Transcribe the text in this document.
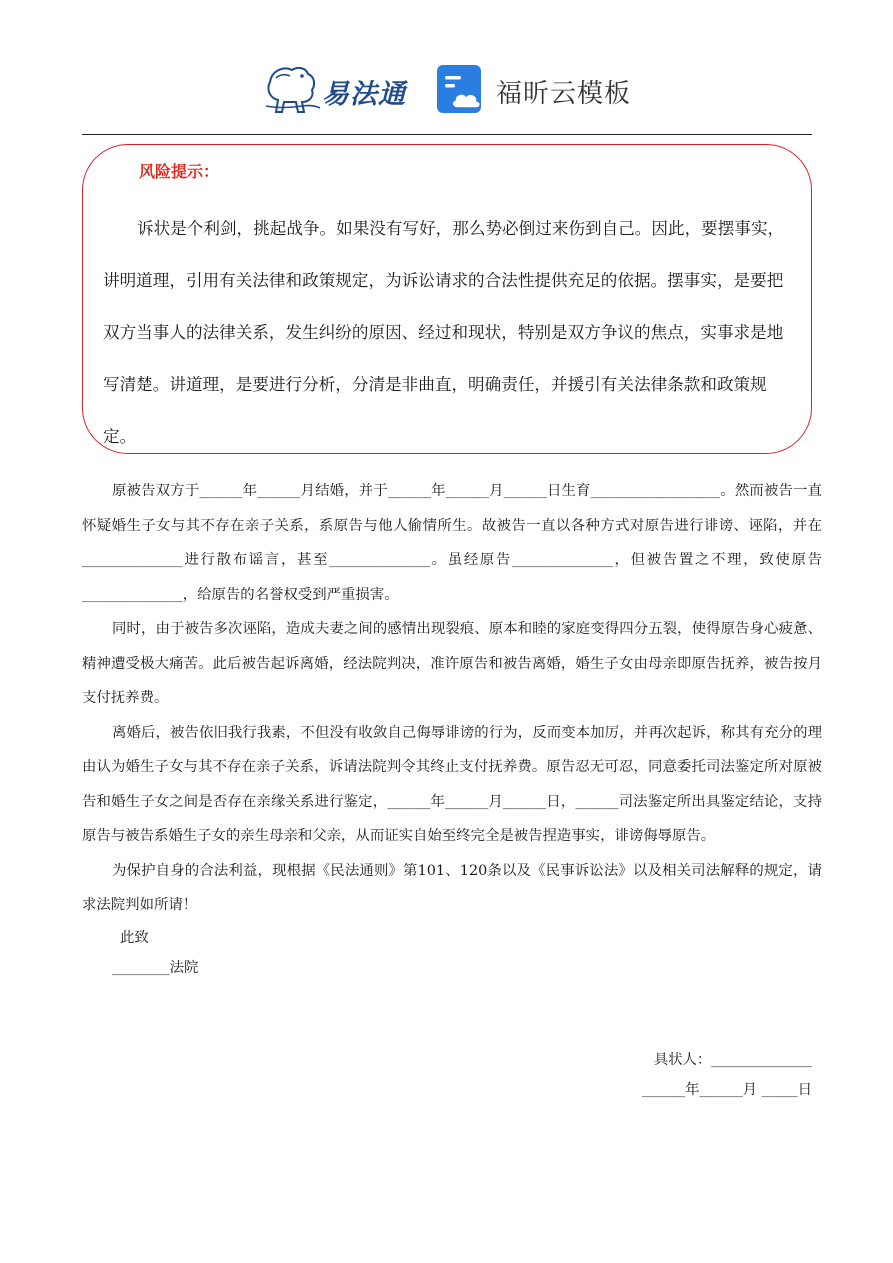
易法通	福昕云模板
风险提示：

诉状是个利剑，挑起战争。如果没有写好，那么势必倒过来伤到自己。因此，要摆事实，讲明道理，引用有关法律和政策规定，为诉讼请求的合法性提供充足的依据。摆事实，是要把双方当事人的法律关系，发生纠纷的原因、经过和现状，特别是双方争议的焦点，实事求是地写清楚。讲道理，是要进行分析，分清是非曲直，明确责任，并援引有关法律条款和政策规定。

原被告双方于______年______月结婚，并于______年______月______日生育__________________。然而被告一直怀疑婚生子女与其不存在亲子关系，系原告与他人偷情所生。故被告一直以各种方式对原告进行诽谤、诬陷，并在______________进行散布谣言，甚至______________。虽经原告______________，但被告置之不理，致使原告______________，给原告的名誉权受到严重损害。

同时，由于被告多次诬陷，造成夫妻之间的感情出现裂痕、原本和睦的家庭变得四分五裂，使得原告身心疲惫、精神遭受极大痛苦。此后被告起诉离婚，经法院判决，准许原告和被告离婚，婚生子女由母亲即原告抚养，被告按月支付抚养费。

离婚后，被告依旧我行我素，不但没有收敛自己侮辱诽谤的行为，反而变本加厉，并再次起诉，称其有充分的理由认为婚生子女与其不存在亲子关系，诉请法院判令其终止支付抚养费。原告忍无可忍，同意委托司法鉴定所对原被告和婚生子女之间是否存在亲缘关系进行鉴定，______年______月______日，______司法鉴定所出具鉴定结论，支持原告与被告系婚生子女的亲生母亲和父亲，从而证实自始至终完全是被告捏造事实，诽谤侮辱原告。

为保护自身的合法利益，现根据《民法通则》第101、120条以及《民事诉讼法》以及相关司法解释的规定，请求法院判如所请！

此致

________法院

具状人：______________
______年______月 _____日
